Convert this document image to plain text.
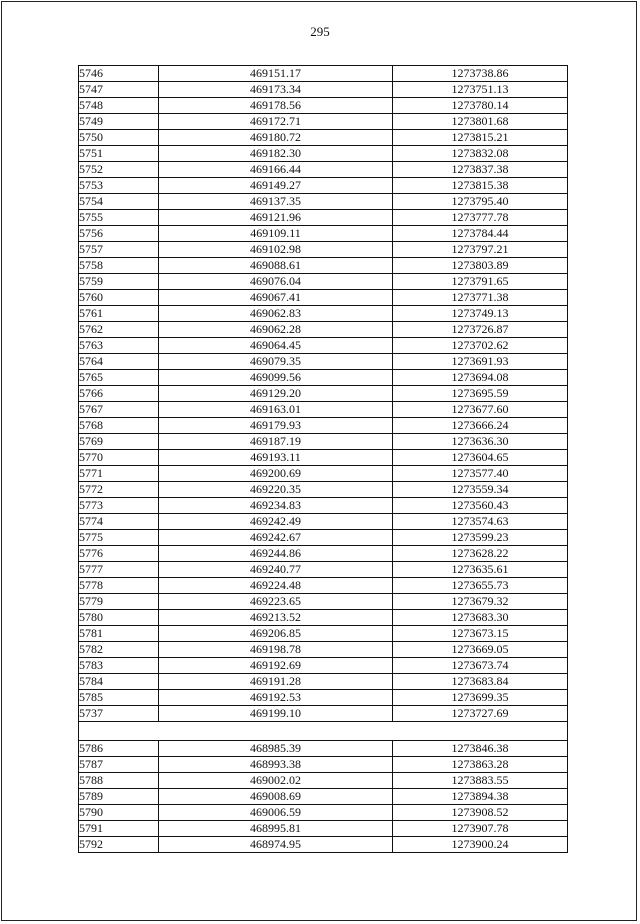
295
5746	469151.17	1273738.86
5747	469173.34	1273751.13
5748	469178.56	1273780.14
5749	469172.71	1273801.68
5750	469180.72	1273815.21
5751	469182.30	1273832.08
5752	469166.44	1273837.38
5753	469149.27	1273815.38
5754	469137.35	1273795.40
5755	469121.96	1273777.78
5756	469109.11	1273784.44
5757	469102.98	1273797.21
5758	469088.61	1273803.89
5759	469076.04	1273791.65
5760	469067.41	1273771.38
5761	469062.83	1273749.13
5762	469062.28	1273726.87
5763	469064.45	1273702.62
5764	469079.35	1273691.93
5765	469099.56	1273694.08
5766	469129.20	1273695.59
5767	469163.01	1273677.60
5768	469179.93	1273666.24
5769	469187.19	1273636.30
5770	469193.11	1273604.65
5771	469200.69	1273577.40
5772	469220.35	1273559.34
5773	469234.83	1273560.43
5774	469242.49	1273574.63
5775	469242.67	1273599.23
5776	469244.86	1273628.22
5777	469240.77	1273635.61
5778	469224.48	1273655.73
5779	469223.65	1273679.32
5780	469213.52	1273683.30
5781	469206.85	1273673.15
5782	469198.78	1273669.05
5783	469192.69	1273673.74
5784	469191.28	1273683.84
5785	469192.53	1273699.35
5737	469199.10	1273727.69

5786	468985.39	1273846.38
5787	468993.38	1273863.28
5788	469002.02	1273883.55
5789	469008.69	1273894.38
5790	469006.59	1273908.52
5791	468995.81	1273907.78
5792	468974.95	1273900.24
